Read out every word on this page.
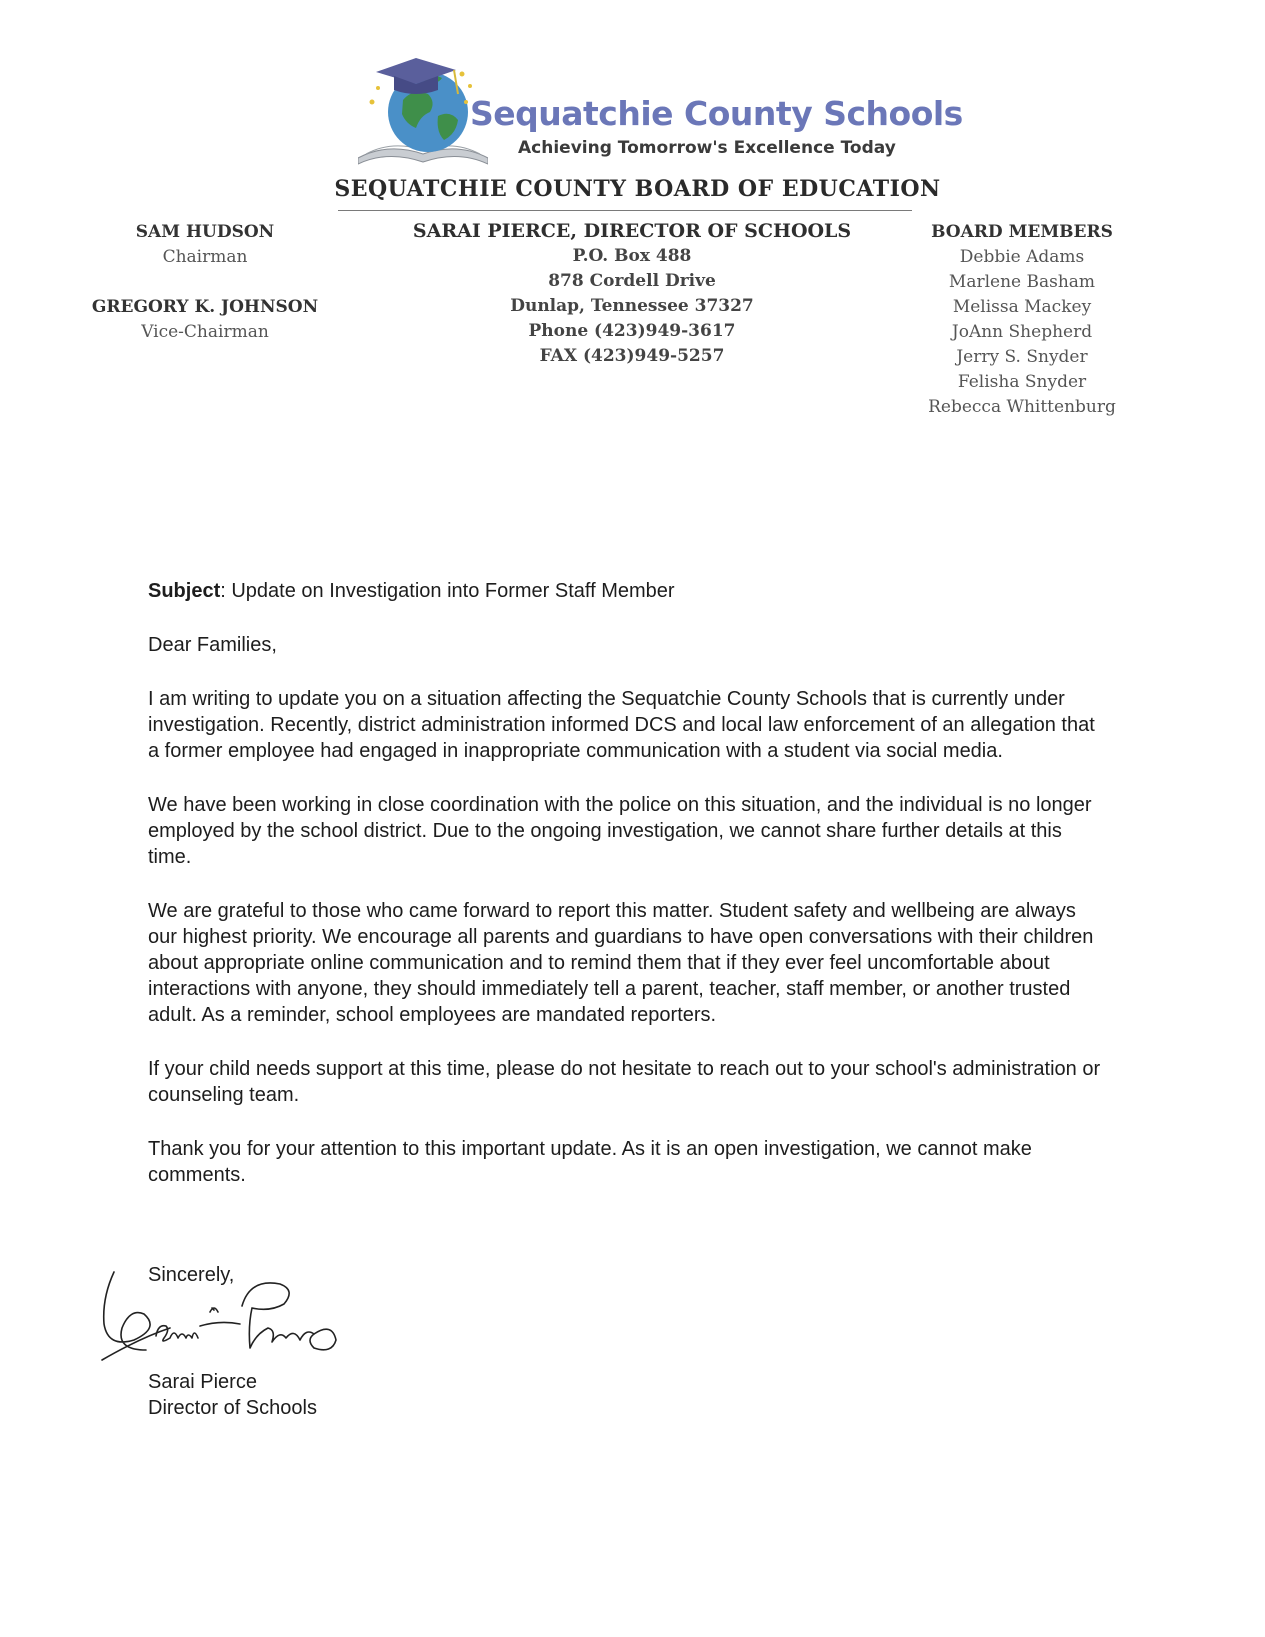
Sequatchie County Schools
Achieving Tomorrow's Excellence Today
SEQUATCHIE COUNTY BOARD OF EDUCATION
SAM HUDSON
Chairman
GREGORY K. JOHNSON
Vice-Chairman
SARAI PIERCE, DIRECTOR OF SCHOOLS
P.O. Box 488
878 Cordell Drive
Dunlap, Tennessee 37327
Phone (423)949-3617
FAX (423)949-5257
BOARD MEMBERS
Debbie Adams
Marlene Basham
Melissa Mackey
JoAnn Shepherd
Jerry S. Snyder
Felisha Snyder
Rebecca Whittenburg

Subject: Update on Investigation into Former Staff Member

Dear Families,

I am writing to update you on a situation affecting the Sequatchie County Schools that is currently under investigation. Recently, district administration informed DCS and local law enforcement of an allegation that a former employee had engaged in inappropriate communication with a student via social media.

We have been working in close coordination with the police on this situation, and the individual is no longer employed by the school district. Due to the ongoing investigation, we cannot share further details at this time.

We are grateful to those who came forward to report this matter. Student safety and wellbeing are always our highest priority. We encourage all parents and guardians to have open conversations with their children about appropriate online communication and to remind them that if they ever feel uncomfortable about interactions with anyone, they should immediately tell a parent, teacher, staff member, or another trusted adult. As a reminder, school employees are mandated reporters.

If your child needs support at this time, please do not hesitate to reach out to your school's administration or counseling team.

Thank you for your attention to this important update. As it is an open investigation, we cannot make comments.

Sincerely,
Sarai Pierce
Director of Schools
